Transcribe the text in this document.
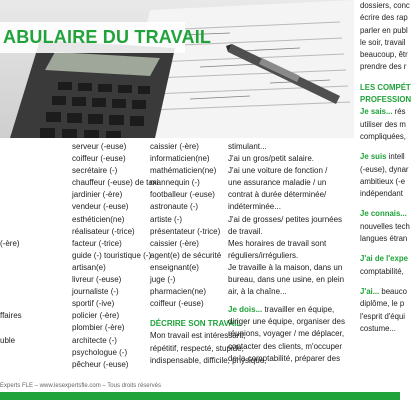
ABULAIRE DU TRAVAIL
(-ère)
ffaires
uble
serveur (-euse)
coiffeur (-euse)
secrétaire (-)
chauffeur (-euse) de taxi
jardinier (-ère)
vendeur (-euse)
esthéticien(ne)
réalisateur (-trice)
facteur (-trice)
guide (-) touristique (-)
artisan(e)
livreur (-euse)
journaliste (-)
sportif (-ive)
policier (-ère)
plombier (-ère)
architecte (-)
psychologue (-)
pêcheur (-euse)
caissier (-ère)
informaticien(ne)
mathématicien(ne)
mannequin (-)
footballeur (-euse)
astronaute (-)
artiste (-)
présentateur (-trice)
caissier (-ère)
agent(e) de sécurité
enseignant(e)
juge (-)
pharmacien(ne)
coiffeur (-euse)
DÉCRIRE SON TRAVAIL :
Mon travail est intéressant,
répétitif, respecté, stupide,
indispensable, difficile, physique,
stimulant...
J'ai un gros/petit salaire.
J'ai une voiture de fonction /
une assurance maladie / un
contrat à durée déterminée/
indéterminée...
J'ai de grosses/ petites journées
de travail.
Mes horaires de travail sont
réguliers/irréguliers.
Je travaille à la maison, dans un
bureau, dans une usine, en plein
air, à la chaîne...
Je dois... travailler en équipe,
diriger une équipe, organiser des
réunions, voyager / me déplacer,
contacter des clients, m'occuper
de la comptabilité, préparer des
dossiers, conc
écrire des rap
parler en publ
le soir, travail
beaucoup, êtr
prendre des r
LES COMPÉT
PROFESSION
Je sais... rés
utiliser des m
compliquées,
Je suis intell
(-euse), dynar
ambitieux (-e
indépendant
Je connais...
nouvelles tech
langues étran
J'ai de l'expe
comptabilité,
J'ai... beauco
diplôme, le p
l'esprit d'équi
costume...
Experts FLE – www.lesexpertsfle.com – Tous droits réservés
